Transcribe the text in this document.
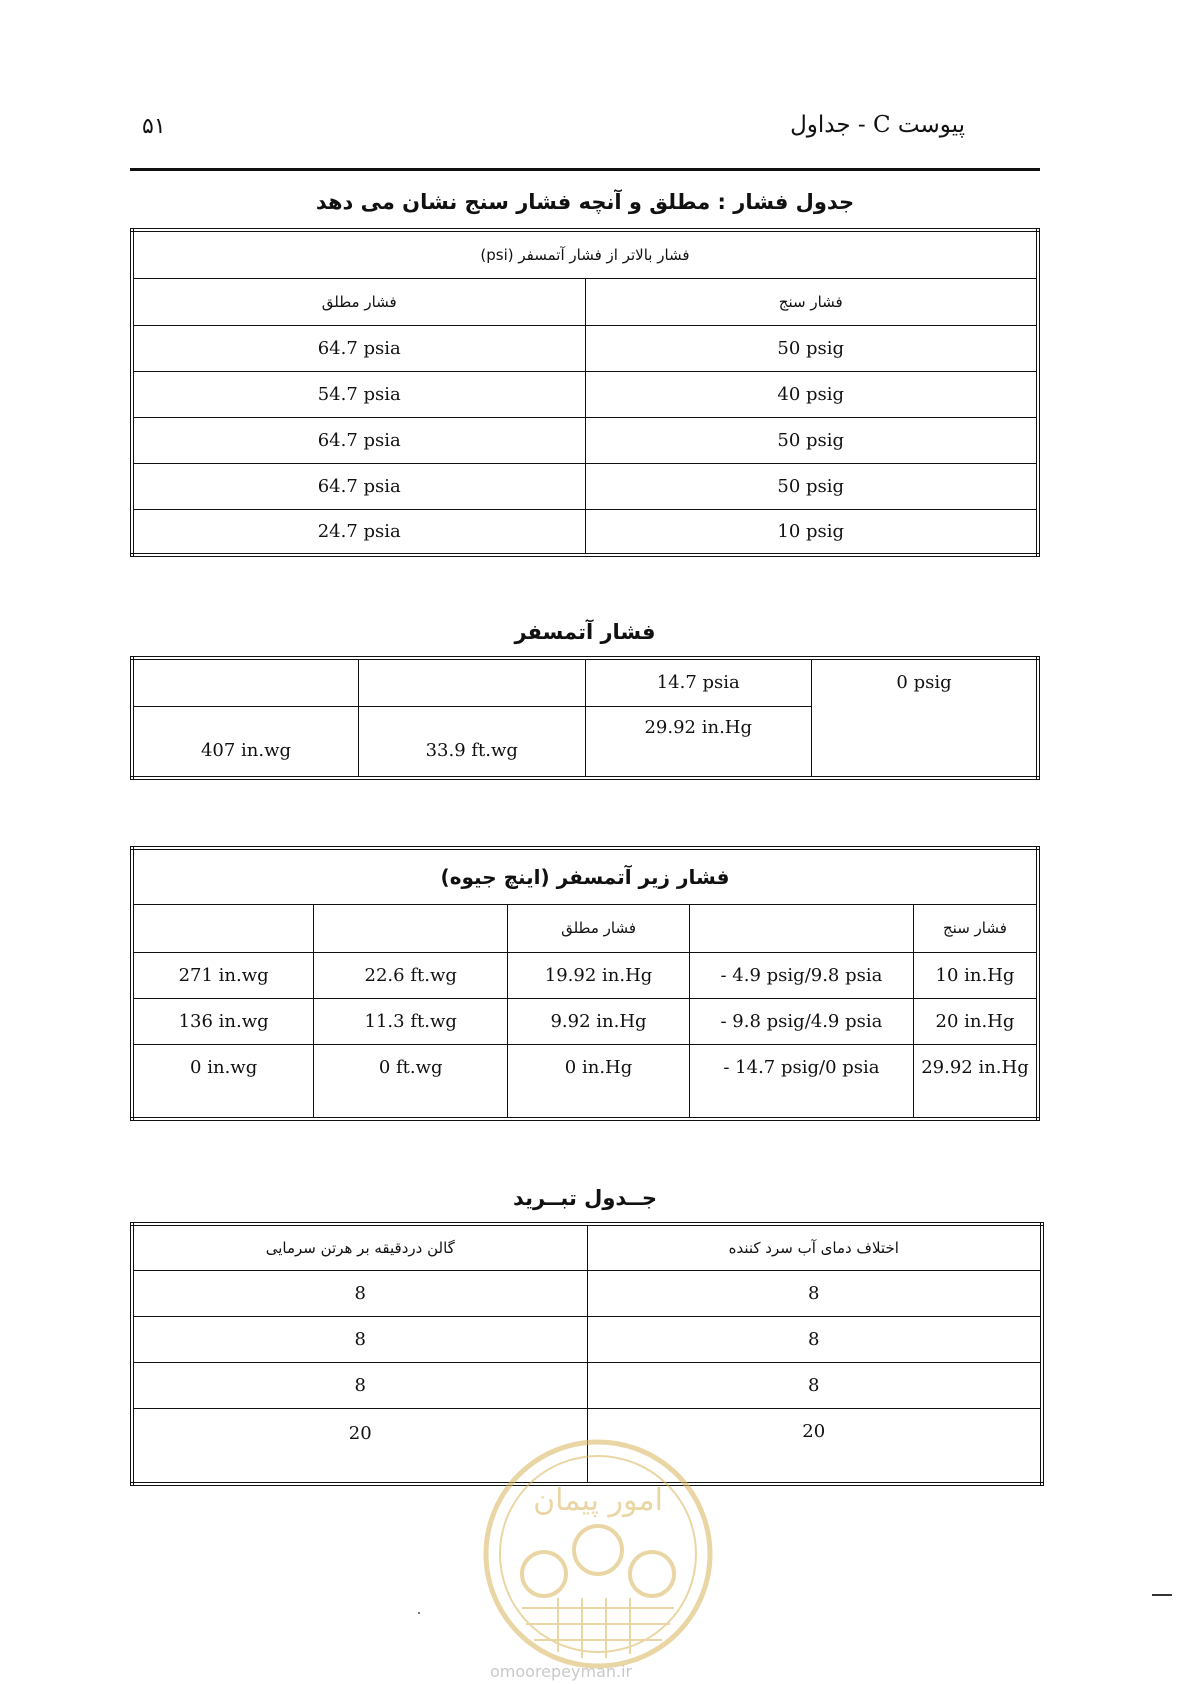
پیوست C - جداول
۵۱
جدول فشار : مطلق و آنچه فشار سنج نشان می دهد
فشار بالاتر از فشار آتمسفر (psi)	
فشار مطلق	فشار سنج
64.7 psia	50 psig
54.7 psia	40 psig
64.7 psia	50 psig
64.7 psia	50 psig
24.7 psia	10 psig
فشار آتمسفر
		14.7 psia	0 psig
407 in.wg	33.9 ft.wg	29.92 in.Hg	
فشار زیر آتمسفر (اینچ جیوه)				
		فشار مطلق		فشار سنج
271 in.wg	22.6 ft.wg	19.92 in.Hg	- 4.9 psig/9.8 psia	10 in.Hg
136 in.wg	11.3 ft.wg	9.92 in.Hg	- 9.8 psig/4.9 psia	20 in.Hg
0 in.wg	0 ft.wg	0 in.Hg	- 14.7 psig/0 psia	29.92 in.Hg
جــدول تبــرید
گالن دردقیقه بر هرتن سرمایی	اختلاف دمای آب سرد کننده
8	8
8	8
8	8
20	20
امور پیمان
omoorepeyman.ir
